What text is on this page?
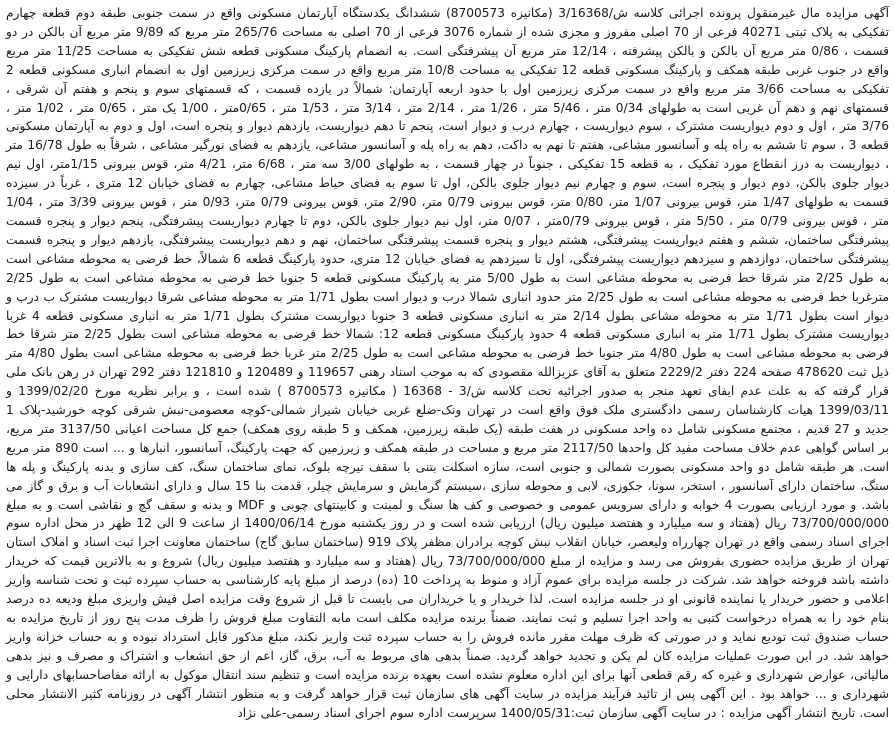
آگهی مزایده مال غیرمنقول پرونده اجرائی کلاسه ش/3/16368 (مکانیزه 8700573) ششدانگ یکدستگاه آپارتمان مسکونی واقع در سمت جنوبی طبقه دوم قطعه چهارم تفکیکی به پلاک ثبتی 40271 فرعی از 70 اصلی مفروز و مجزی شده از شماره 3076 فرعی از 70 اصلی به مساحت 265/76 متر مربع که 9/89 متر مربع آن بالکن در دو قسمت ، 0/86 متر مربع آن بالکن و بالکن پیشرفته ، 12/14 متر مربع آن پیشرفتگی است. به انضمام پارکینگ مسکونی قطعه شش تفکیکی به مساحت 11/25 متر مربع واقع در جنوب غربی طبقه همکف و پارکینگ مسکونی قطعه 12 تفکیکی به مساحت 10/8 متر مربع واقع در سمت مرکزی زیرزمین اول به انضمام انباری مسکونی قطعه 2 تفکیکی به مساحت 3/66 متر مربع واقع در سمت مرکزی زیرزمین اول با حدود اربعه آپارتمان: شمالاً در یازده قسمت ، که قسمتهای سوم و پنجم و هفتم آن شرقی ، قسمتهای نهم و دهم آن غربی است به طولهای 0/34 متر ، 5/46 متر ، 1/26 متر ، 2/14 متر ، 3/14 متر ، 1/53 متر ، 0/65متر ، 1/00 یک متر ، 0/65 متر ، 1/02 متر ، 3/76 متر ، اول و دوم دیواریست مشترک ، سوم دیواریست ، چهارم درب و دیوار است، پنجم تا دهم دیواریست، یازدهم دیوار و پنجره است، اول و دوم به آپارتمان مسکونی قطعه 3 ، سوم تا ششم به راه پله و آسانسور مشاعی، هفتم تا نهم به داکت، دهم به راه پله و آسانسور مشاعی، یازدهم به فضای نورگیر مشاعی ، شرقاً به طول 16/78 متر ، دیواریست به درز انقطاع مورد تفکیک ، به قطعه 15 تفکیکی ، جنوباً در چهار قسمت ، به طولهای 3/00 سه متر ، 6/68 متر، 4/21 متر، قوس بیرونی 1/15متر، اول نیم دیوار جلوی بالکن، دوم دیوار و پنجره است، سوم و چهارم نیم دیوار جلوی بالکن، اول تا سوم به فضای حیاط مشاعی، چهارم به فضای خیابان 12 متری ، غرباً در سیزده قسمت به طولهای 1/47 متر، قوس بیرونی 1/07 متر، 0/80 متر، قوس بیرونی 0/79 متر، 2/90 متر، قوس بیرونی 0/79 متر، 0/93 متر ، قوس بیرونی 3/39 متر ، 1/04 متر ، قوس بیرونی 0/79 متر ، 5/50 متر ، قوس بیرونی 0/79متر ، 0/07 متر، اول نیم دیوار جلوی بالکن، دوم تا چهارم دیواریست پیشرفتگی، پنجم دیوار و پنجره قسمت پیشرفتگی ساختمان، ششم و هفتم دیواریست پیشرفتگی، هشتم دیوار و پنجره قسمت پیشرفتگی ساختمان، نهم و دهم دیواریست پیشرفتگی، یازدهم دیوار و پنجره قسمت پیشرفتگی ساختمان، دوازدهم و سیزدهم دیواریست پیشرفتگی، اول تا سیزدهم به فضای خیابان 12 متری، حدود پارکینگ قطعه 6 شمالاً، خط فرضی به محوطه مشاعی است به طول 2/25 متر شرقا خط فرضی به محوطه مشاعی است به طول 5/00 متر به پارکینگ مسکونی قطعه 5 جنوبا خط فرضی به محوطه مشاعی است به طول 2/25 مترغربا خط فرضی به محوطه مشاعی است به طول 2/25 متر حدود انباری شمالا درب و دیوار است بطول 1/71 متر به محوطه مشاعی شرقا دیواریست مشترک ب درب و دیوار است بطول 1/71 متر به محوطه مشاعی بطول 2/14 متر به انباری مسکونی قطعه 3 جنوبا دیواریست مشترک بطول 1/71 متر به انباری مسکونی قطعه 4 غربا دیواریست مشترک بطول 1/71 متر به انباری مسکونی قطعه 4 حدود پارکینگ مسکونی قطعه 12: شمالا خط فرضی به محوطه مشاعی است بطول 2/25 متر شرقا خط فرضی به محوطه مشاعی است به طول 4/80 متر جنوبا خط فرضی به محوطه مشاعی است به طول 2/25 متر غربا خط فرضی به محوطه مشاعی است بطول 4/80 متر ذیل ثبت 478620 صفحه 224 دفتر 2229/2 متعلق به آقای عزیزالله مقصودی که به موجب اسناد رهنی 119657 و 120489 و 121810 دفتر 292 تهران در رهن بانک ملی قرار گرفته که به علت عدم ایفای تعهد منجر به صدور اجرائیه تحت کلاسه ش/3 - 16368 ( مکانیزه 8700573 ) شده است ، و برابر نظریه مورخ 1399/02/20 و 1399/03/11 هیات کارشناسان رسمی دادگستری ملک فوق واقع است در تهران ونک-ضلع غربی خیابان شیراز شمالی-کوچه معصومی-نبش شرقی کوچه خورشید-پلاک 1 جدید و 27 قدیم ، مجتمع مسکونی شامل ده واحد مسکونی در هفت طبقه (یک طبقه زیرزمین، همکف و 5 طبقه روی همکف) جمع کل مساحت اعیانی 3137/50 متر مربع، بر اساس گواهی عدم خلاف مساحت مفید کل واحدها 2117/50 متر مربع و مساحت در طبقه همکف و زیرزمین که جهت پارکینگ، آسانسور، انبارها و ... است 890 متر مربع است. هر طبقه شامل دو واحد مسکونی بصورت شمالی و جنوبی است، سازه اسکلت بتنی با سقف تیرچه بلوک، نمای ساختمان سنگ، کف سازی و بدنه پارکینگ و پله ها سنگ، ساختمان دارای آسانسور ، استخر، سونا، جکوزی، لابی و محوطه سازی ،سیستم گرمایش و سرمایش چیلر، قدمت بنا 15 سال و دارای انشعابات آب و برق و گاز می باشد. و مورد ارزیابی بصورت 4 خوابه و دارای سرویس عمومی و خصوصی و کف ها سنگ و لمینت و کابینتهای چوبی و MDF و بدنه و سقف گچ و نقاشی است و به مبلغ 73/700/000/000 ریال (هفتاد و سه میلیارد و هفتصد میلیون ریال) ارزیابی شده است و در روز یکشنبه مورخ 1400/06/14 از ساعت 9 الی 12 ظهر در محل اداره سوم اجرای اسناد رسمی واقع در تهران چهارراه ولیعصر، خیابان انقلاب نبش کوچه برادران مظفر پلاک 919 (ساختمان سابق گاج) ساختمان معاونت اجرا ثبت اسناد و املاک استان تهران از طریق مزایده حضوری بفروش می رسد و مزایده از مبلغ 73/700/000/000 ریال (هفتاد و سه میلیارد و هفتصد میلیون ریال) شروع و به بالاترین قیمت که خریدار داشته باشد فروخته خواهد شد. شرکت در جلسه مزایده برای عموم آزاد و منوط به پرداخت 10 (ده) درصد از مبلغ پایه کارشناسی به حساب سپرده ثبت و تحت شناسه واریز اعلامی و حضور خریدار یا نماینده قانونی او در جلسه مزایده است. لذا خریدار و یا خریداران می بایست تا قبل از شروع وقت مزایده اصل فیش واریزی مبلغ ودیعه ده درصد بنام خود را به همراه درخواست کتبی به واحد اجرا تسلیم و ثبت نمایند. ضمناً برنده مزایده مکلف است مابه التفاوت مبلغ فروش را ظرف مدت پنج روز از تاریخ مزایده به حساب صندوق ثبت تودیع نماید و در صورتی که ظرف مهلت مقرر مانده فروش را به حساب سپرده ثبت واریز نکند، مبلغ مذکور قابل استرداد نبوده و به حساب خزانه واریز خواهد شد. در این صورت عملیات مزایده کان لم یکن و تجدید خواهد گردید. ضمناً بدهی های مربوط به آب، برق، گاز، اعم از حق انشعاب و اشتراک و مصرف و نیز بدهی مالیاتی، عوارض شهرداری و غیره که رقم قطعی آنها برای این اداره معلوم نشده است بعهده برنده مزایده است و تنظیم سند انتقال موکول به ارائه مفاصاحسابهای دارایی و شهرداری و ... خواهد بود . این آگهی پس از تائید فرآیند مزایده در سایت آگهی های سازمان ثبت قرار خواهد گرفت و به منظور انتشار آگهی در روزنامه کثیر الانتشار محلی است. تاریخ انتشار آگهی مزایده : در سایت آگهی سازمان ثبت:1400/05/31 سرپرست اداره سوم اجرای اسناد رسمی-علی نژاد
